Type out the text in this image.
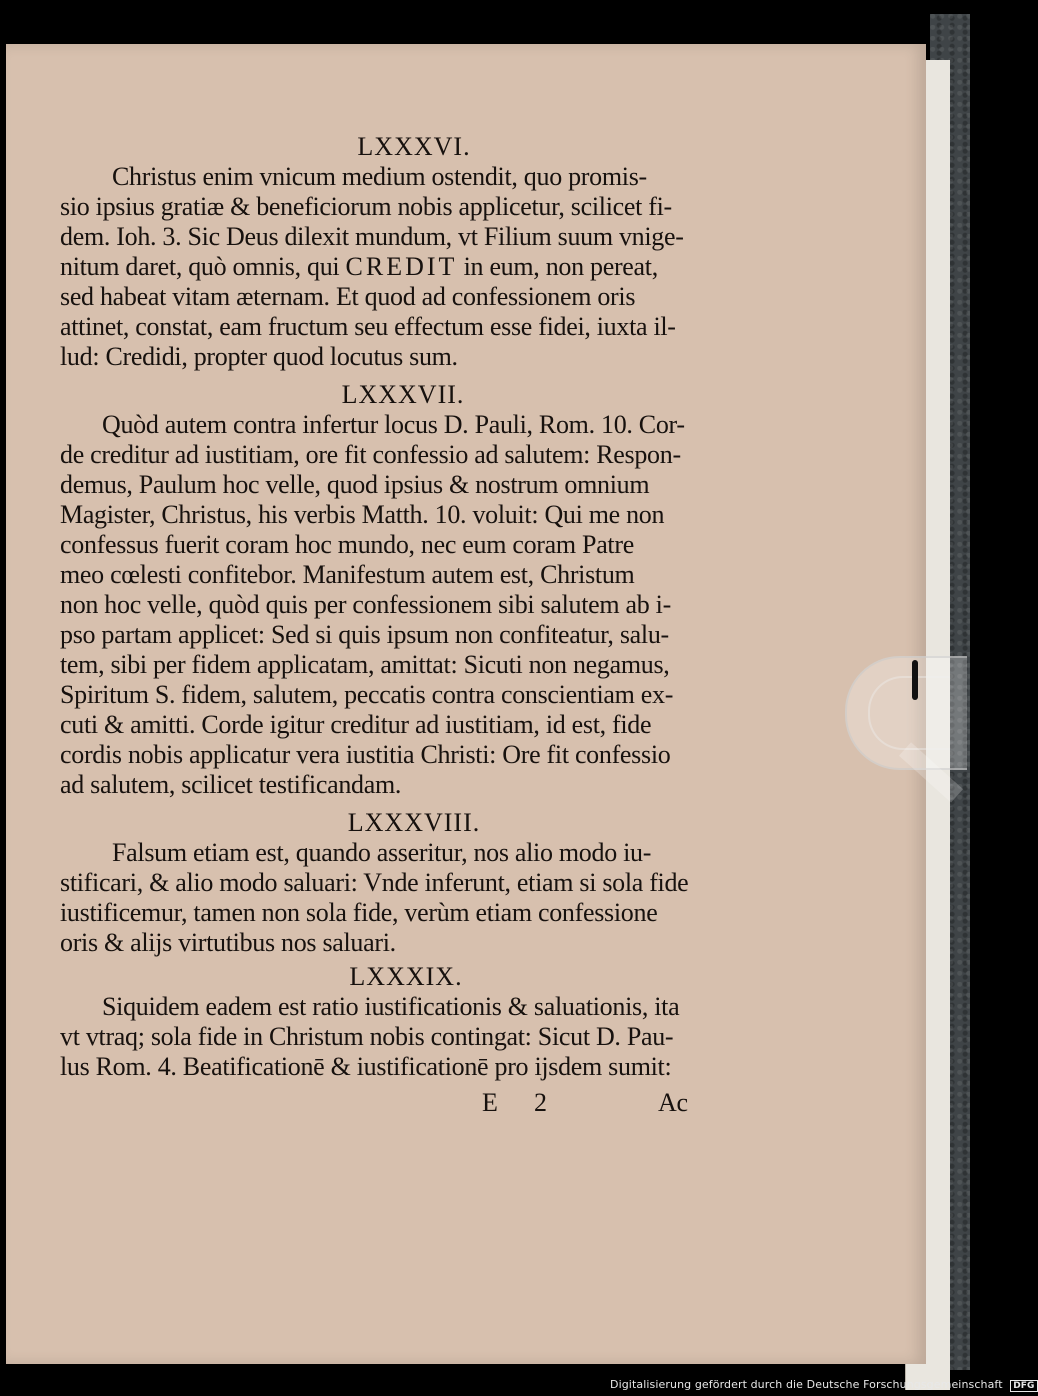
LXXXVI.

Christus enim vnicum medium ostendit, quo promis-

sio ipsius gratiæ & beneficiorum nobis applicetur, scilicet fi-

dem. Ioh. 3. Sic Deus dilexit mundum, vt Filium suum vnige-

nitum daret, quò omnis, qui CREDIT in eum, non pereat,

sed habeat vitam æternam. Et quod ad confessionem oris

attinet, constat, eam fructum seu effectum esse fidei, iuxta il-

lud: Credidi, propter quod locutus sum.

LXXXVII.

Quòd autem contra infertur locus D. Pauli, Rom. 10. Cor-

de creditur ad iustitiam, ore fit confessio ad salutem: Respon-

demus, Paulum hoc velle, quod ipsius & nostrum omnium

Magister, Christus, his verbis Matth. 10. voluit: Qui me non

confessus fuerit coram hoc mundo, nec eum coram Patre

meo cœlesti confitebor. Manifestum autem est, Christum

non hoc velle, quòd quis per confessionem sibi salutem ab i-

pso partam applicet: Sed si quis ipsum non confiteatur, salu-

tem, sibi per fidem applicatam, amittat: Sicuti non negamus,

Spiritum S. fidem, salutem, peccatis contra conscientiam ex-

cuti & amitti. Corde igitur creditur ad iustitiam, id est, fide

cordis nobis applicatur vera iustitia Christi: Ore fit confessio

ad salutem, scilicet testificandam.

LXXXVIII.

Falsum etiam est, quando asseritur, nos alio modo iu-

stificari, & alio modo saluari: Vnde inferunt, etiam si sola fide

iustificemur, tamen non sola fide, verùm etiam confessione

oris & alijs virtutibus nos saluari.

LXXXIX.

Siquidem eadem est ratio iustificationis & saluationis, ita

vt vtraq; sola fide in Christum nobis contingat: Sicut D. Pau-

lus Rom. 4. Beatificationē & iustificationē pro ijsdem sumit:

E	2	Ac
Digitalisierung gefördert durch die Deutsche Forschungsgemeinschaft DFG
